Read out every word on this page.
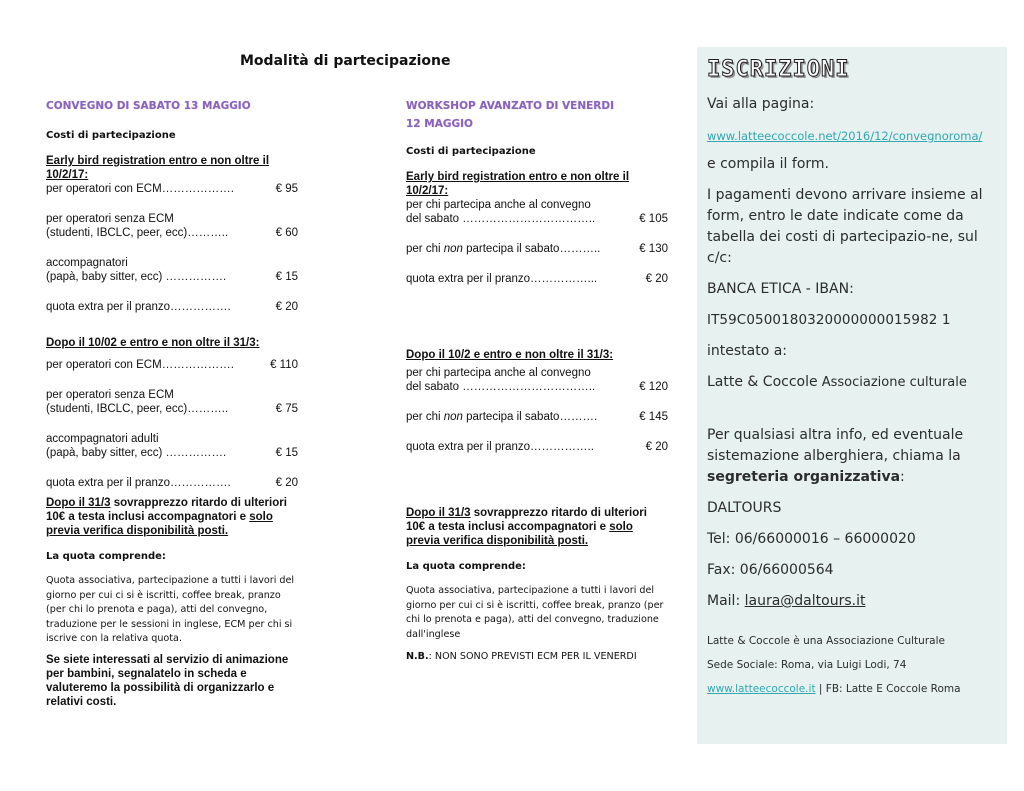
Modalità di partecipazione
CONVEGNO DI SABATO 13 MAGGIO
Costi di partecipazione
Early bird registration entro e non oltre il 10/2/17:
per operatori con ECM……………….	€ 95
per operatori senza ECM
(studenti, IBCLC, peer, ecc)………..	€ 60
accompagnatori
(papà, baby sitter, ecc) …………….	€ 15
quota extra per il pranzo…………….	€ 20
Dopo il 10/02 e entro e non oltre il 31/3:
per operatori con ECM……………….	€ 110
per operatori senza ECM
(studenti, IBCLC, peer, ecc)………..	€ 75
accompagnatori adulti
(papà, baby sitter, ecc) …………….	€ 15
quota extra per il pranzo…………….	€ 20
Dopo il 31/3 sovrapprezzo ritardo di ulteriori 10€ a testa inclusi accompagnatori e solo previa verifica disponibilità posti.
La quota comprende:
Quota associativa, partecipazione a tutti i lavori del giorno per cui ci si è iscritti, coffee break, pranzo (per chi lo prenota e paga), atti del convegno, traduzione per le sessioni in inglese, ECM per chi si iscrive con la relativa quota.
Se siete interessati al servizio di animazione per bambini, segnalatelo in scheda e valuteremo la possibilità di organizzarlo e relativi costi.
WORKSHOP AVANZATO DI VENERDI 12 MAGGIO
Costi di partecipazione
Early bird registration entro e non oltre il 10/2/17:
per chi partecipa anche al convegno
del sabato ……………………………..	€ 105
per chi non partecipa il sabato………..	€ 130
quota extra per il pranzo……………...	€ 20
Dopo il 10/2 e entro e non oltre il 31/3:
per chi partecipa anche al convegno
del sabato ……………………………..	€ 120
per chi non partecipa il sabato……….	€ 145
quota extra per il pranzo……………..	€ 20
Dopo il 31/3 sovrapprezzo ritardo di ulteriori 10€ a testa inclusi accompagnatori e solo previa verifica disponibilità posti.
La quota comprende:
Quota associativa, partecipazione a tutti i lavori del giorno per cui ci si è iscritti, coffee break, pranzo (per chi lo prenota e paga), atti del convegno, traduzione dall'inglese
N.B.: NON SONO PREVISTI ECM PER IL VENERDI
ISCRIZIONI
Vai alla pagina:
www.latteecoccole.net/2016/12/convegnoroma/
e compila il form.
I pagamenti devono arrivare insieme al form, entro le date indicate come da tabella dei costi di partecipazio-ne, sul c/c:
BANCA ETICA - IBAN:
IT59C0500180320000000015982 1
intestato a:
Latte & Coccole Associazione culturale
Per qualsiasi altra info, ed eventuale sistemazione alberghiera, chiama la segreteria organizzativa:
DALTOURS
Tel: 06/66000016 – 66000020
Fax: 06/66000564
Mail: laura@daltours.it
Latte & Coccole è una Associazione Culturale
Sede Sociale: Roma, via Luigi Lodi, 74
www.latteecoccole.it | FB: Latte E Coccole Roma
